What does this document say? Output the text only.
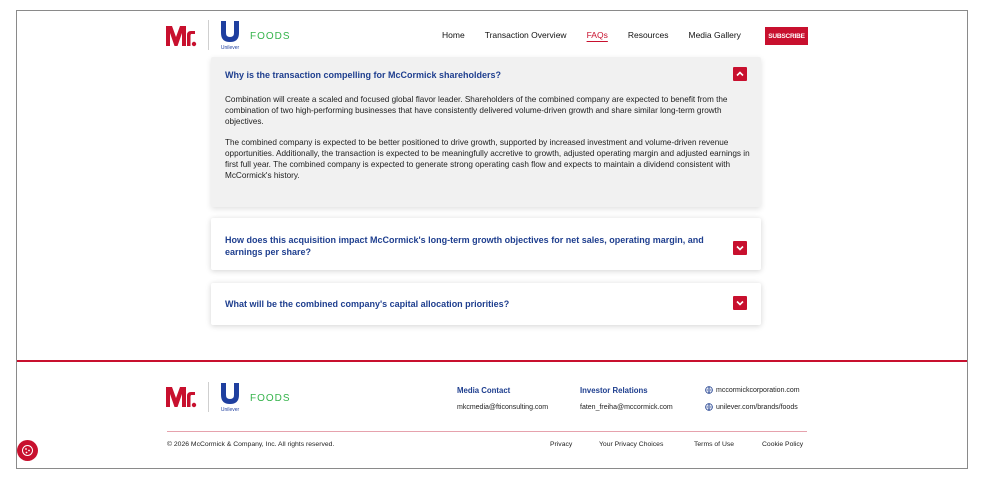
Unilever
FOODS	Home Transaction Overview FAQs Resources Media Gallery	SUBSCRIBE
Why is the transaction compelling for McCormick shareholders?

Combination will create a scaled and focused global flavor leader. Shareholders of the combined company are expected to benefit from the combination of two high-performing businesses that have consistently delivered volume-driven growth and share similar long-term growth objectives.

The combined company is expected to be better positioned to drive growth, supported by increased investment and volume-driven revenue opportunities. Additionally, the transaction is expected to be meaningfully accretive to growth, adjusted operating margin and adjusted earnings in first full year. The combined company is expected to generate strong operating cash flow and expects to maintain a dividend consistent with McCormick's history.

How does this acquisition impact McCormick's long-term growth objectives for net sales, operating margin, and earnings per share?
What will be the combined company's capital allocation priorities?
Unilever
FOODS
Media Contact
mkcmedia@fticonsulting.com
Investor Relations
faten_freiha@mccormick.com
mccormickcorporation.com
unilever.com/brands/foods
© 2026 McCormick & Company, Inc. All rights reserved.	Privacy	Your Privacy Choices	Terms of Use	Cookie Policy
